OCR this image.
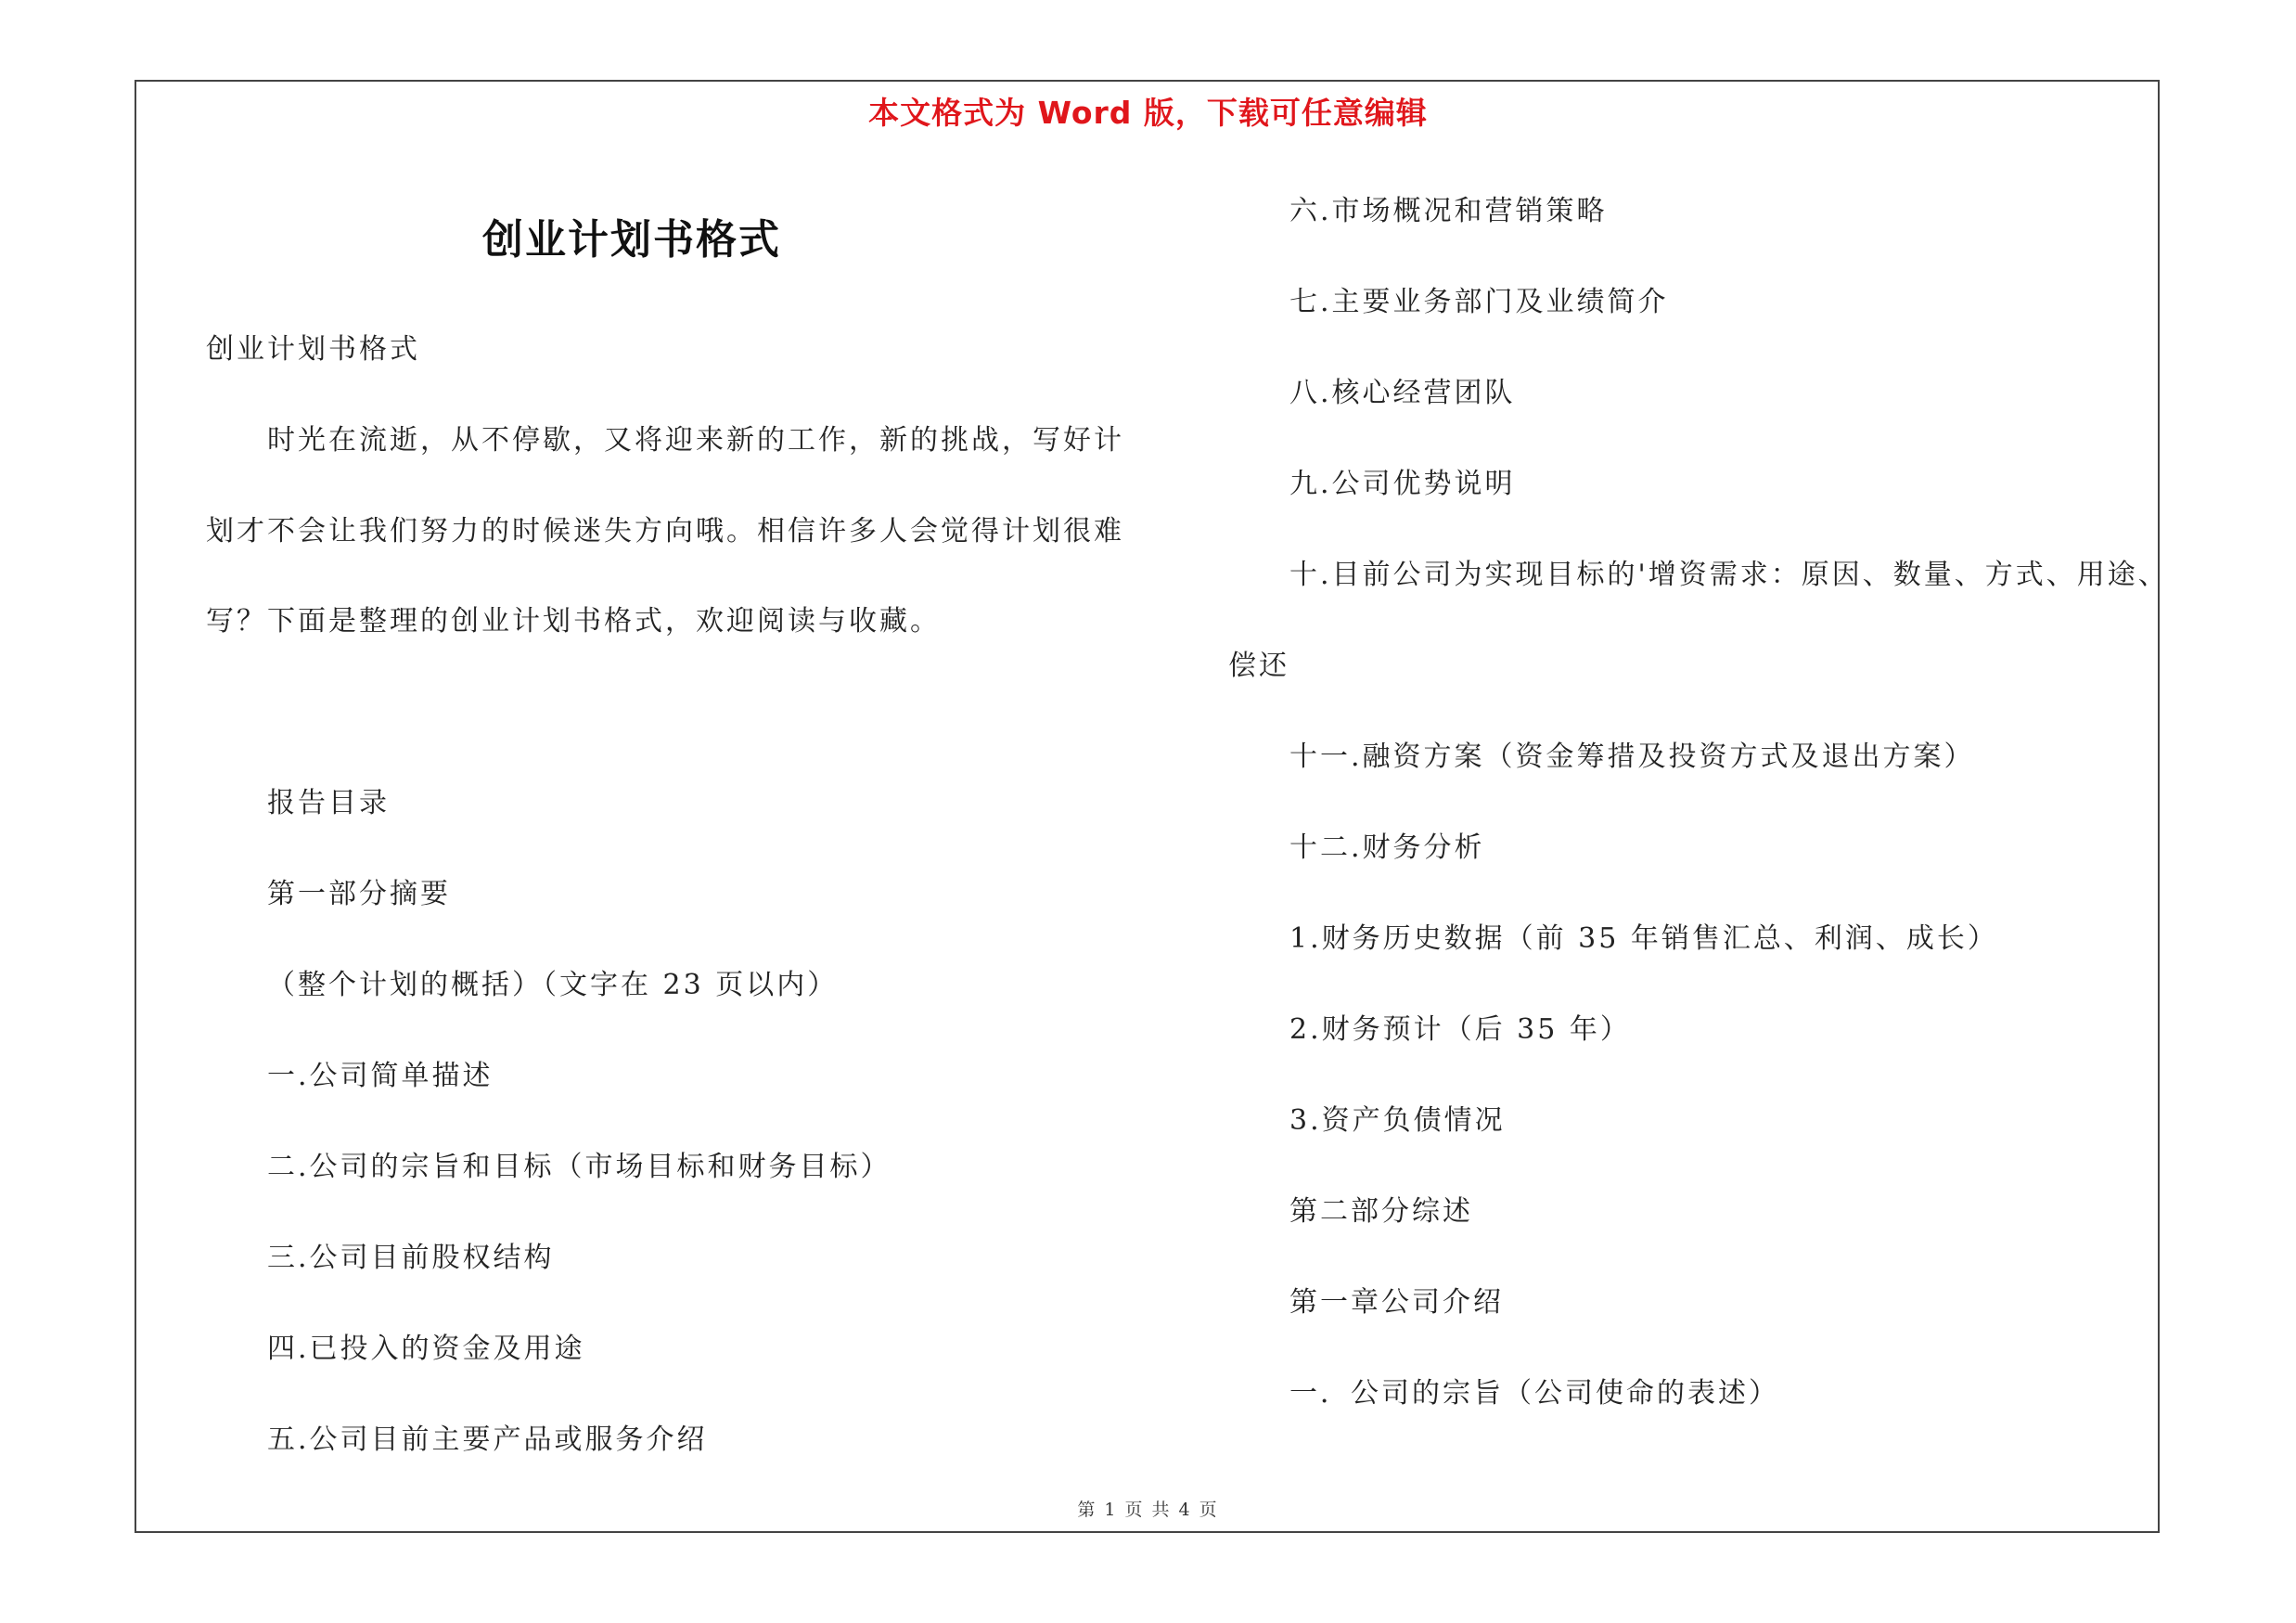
本文格式为 Word 版，下载可任意编辑
创业计划书格式
创业计划书格式
时光在流逝，从不停歇，又将迎来新的工作，新的挑战，写好计
划才不会让我们努力的时候迷失方向哦。相信许多人会觉得计划很难
写？下面是整理的创业计划书格式，欢迎阅读与收藏。
报告目录
第一部分摘要
（整个计划的概括）（文字在 23 页以内）
一.公司简单描述
二.公司的宗旨和目标（市场目标和财务目标）
三.公司目前股权结构
四.已投入的资金及用途
五.公司目前主要产品或服务介绍
六.市场概况和营销策略
七.主要业务部门及业绩简介
八.核心经营团队
九.公司优势说明
十.目前公司为实现目标的'增资需求：原因、数量、方式、用途、
偿还
十一.融资方案（资金筹措及投资方式及退出方案）
十二.财务分析
1.财务历史数据（前 35 年销售汇总、利润、成长）
2.财务预计（后 35 年）
3.资产负债情况
第二部分综述
第一章公司介绍
一．公司的宗旨（公司使命的表述）
第 1 页 共 4 页
